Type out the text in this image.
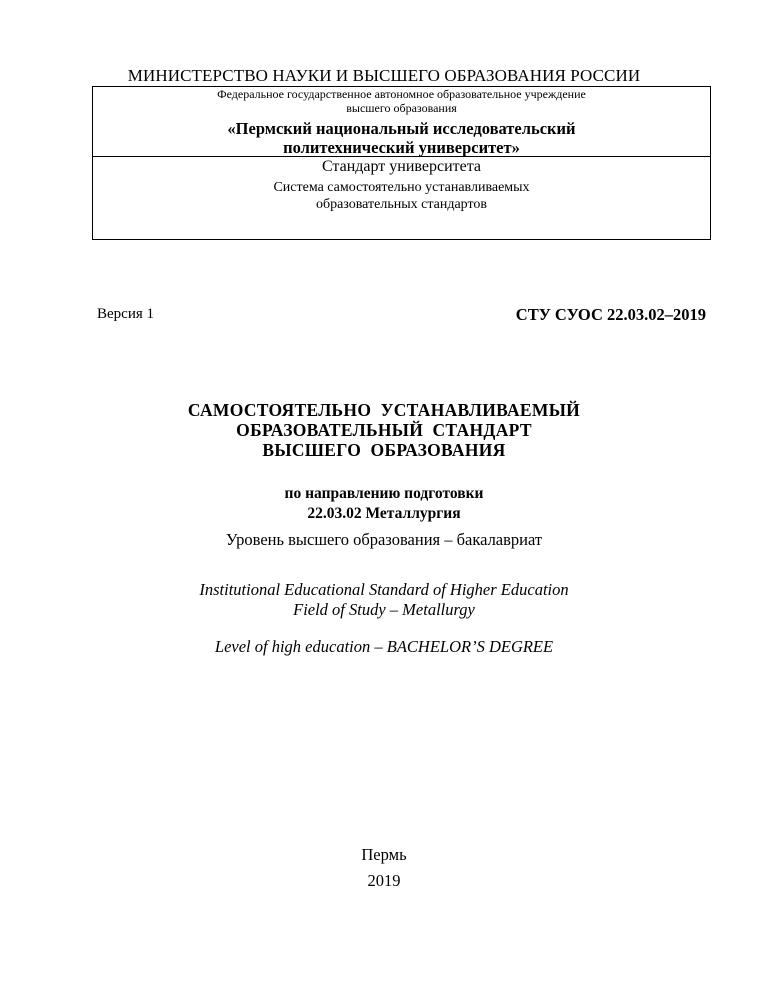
МИНИСТЕРСТВО НАУКИ И ВЫСШЕГО ОБРАЗОВАНИЯ РОССИИ
Федеральное государственное автономное образовательное учреждение
высшего образования
«Пермский национальный исследовательский
политехнический университет»
Стандарт университета
Система самостоятельно устанавливаемых
образовательных стандартов
Версия 1	СТУ СУОС 22.03.02–2019
САМОСТОЯТЕЛЬНО  УСТАНАВЛИВАЕМЫЙ
ОБРАЗОВАТЕЛЬНЫЙ  СТАНДАРТ
ВЫСШЕГО  ОБРАЗОВАНИЯ
по направлению подготовки
22.03.02 Металлургия
Уровень высшего образования – бакалавриат
Institutional Educational Standard of Higher Education
Field of Study – Metallurgy
Level of high education – BACHELOR’S DEGREE
Пермь
2019
